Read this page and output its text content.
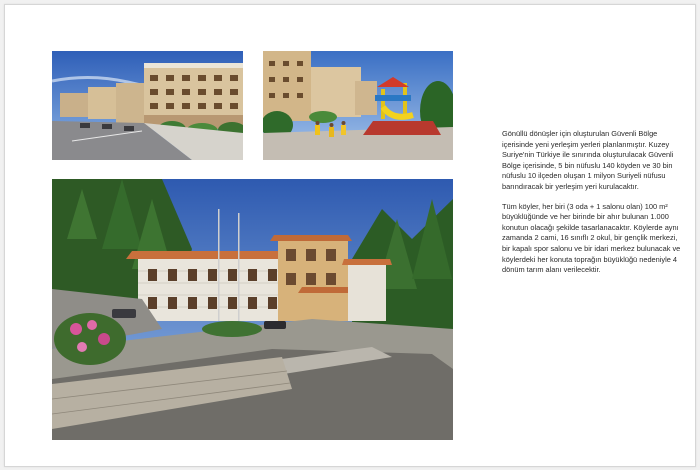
Gönüllü dönüşler için oluşturulan Güvenli Bölge içerisinde yeni yerleşim yerleri planlanmıştır. Kuzey Suriye'nin Türkiye ile sınırında oluşturulacak Güvenli Bölge içerisinde, 5 bin nüfuslu 140 köyden ve 30 bin nüfuslu 10 ilçeden oluşan 1 milyon Suriyeli nüfusu barındıracak bir yerleşim yeri kurulacaktır.

Tüm köyler, her biri (3 oda + 1 salonu olan) 100 m² büyüklüğünde ve her birinde bir ahır bulunan 1.000 konutun olacağı şekilde tasarlanacaktır. Köylerde aynı zamanda 2 cami, 16 sınıflı 2 okul, bir gençlik merkezi, bir kapalı spor salonu ve bir idari merkez bulunacak ve köylerdeki her konuta toprağın büyüklüğü nedeniyle 4 dönüm tarım alanı verilecektir.
